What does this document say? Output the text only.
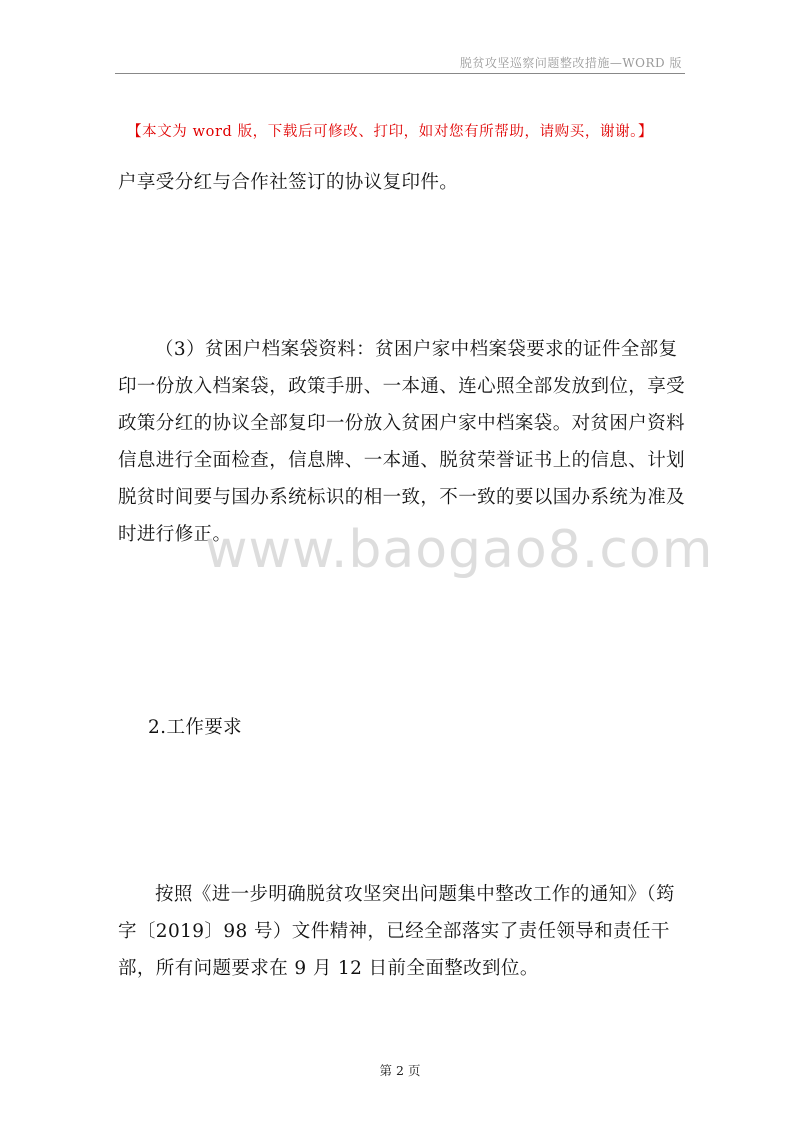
脱贫攻坚巡察问题整改措施—WORD 版
【本文为 word 版，下载后可修改、打印，如对您有所帮助，请购买，谢谢。】
户享受分红与合作社签订的协议复印件。
（3）贫困户档案袋资料：贫困户家中档案袋要求的证件全部复印一份放入档案袋，政策手册、一本通、连心照全部发放到位，享受政策分红的协议全部复印一份放入贫困户家中档案袋。对贫困户资料信息进行全面检查，信息牌、一本通、脱贫荣誉证书上的信息、计划脱贫时间要与国办系统标识的相一致，不一致的要以国办系统为准及时进行修正。
2.工作要求
按照《进一步明确脱贫攻坚突出问题集中整改工作的通知》（筠字〔2019〕98 号）文件精神，已经全部落实了责任领导和责任干部，所有问题要求在 9 月 12 日前全面整改到位。
www.baogao8.com
第 2 页
